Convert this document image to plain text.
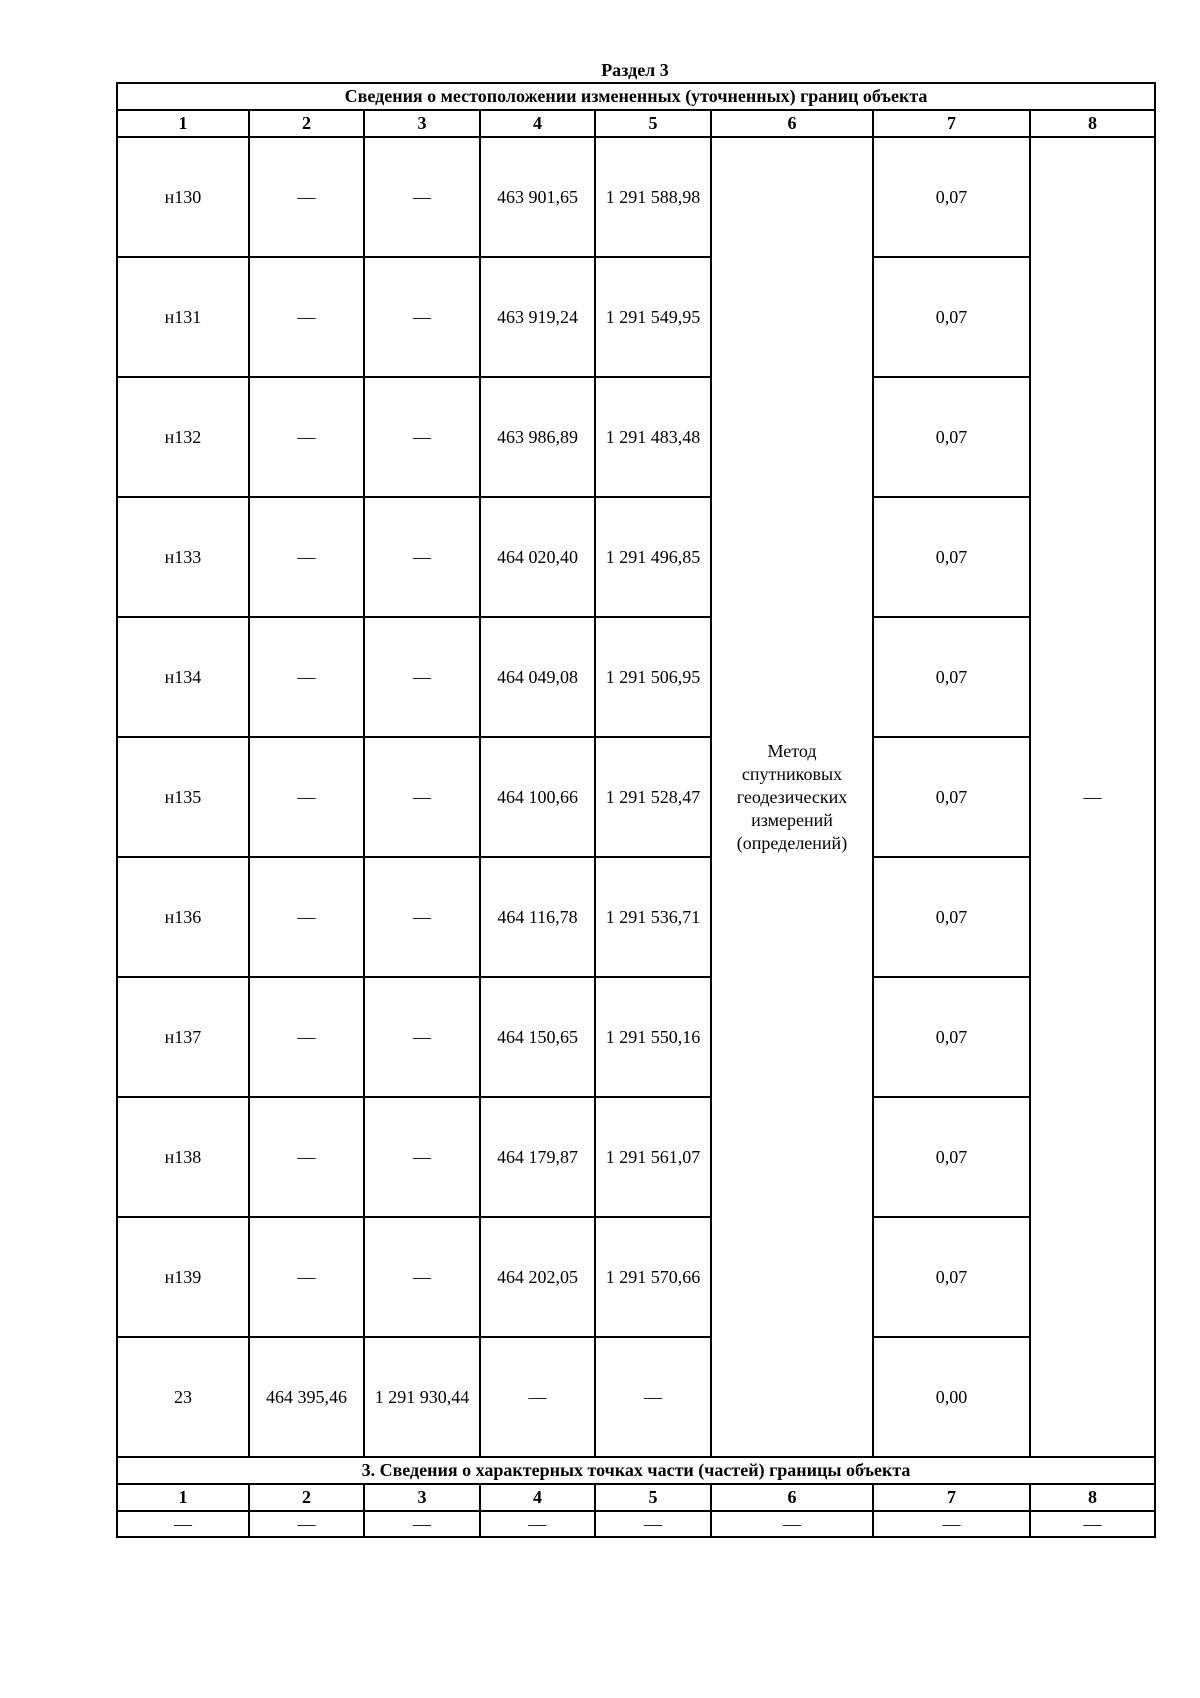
Раздел 3
Сведения о местоположении измененных (уточненных) границ объекта							
1	2	3	4	5	6	7	8
н130	—	—	463 901,65	1 291 588,98	Метод спутниковых геодезических измерений (определений)	0,07	—
н131	—	—	463 919,24	1 291 549,95		0,07	
н132	—	—	463 986,89	1 291 483,48		0,07	
н133	—	—	464 020,40	1 291 496,85		0,07	
н134	—	—	464 049,08	1 291 506,95		0,07	
н135	—	—	464 100,66	1 291 528,47		0,07	
н136	—	—	464 116,78	1 291 536,71		0,07	
н137	—	—	464 150,65	1 291 550,16		0,07	
н138	—	—	464 179,87	1 291 561,07		0,07	
н139	—	—	464 202,05	1 291 570,66		0,07	
23	464 395,46	1 291 930,44	—	—		0,00	
3. Сведения о характерных точках части (частей) границы объекта							
1	2	3	4	5	6	7	8
—	—	—	—	—	—	—	—
